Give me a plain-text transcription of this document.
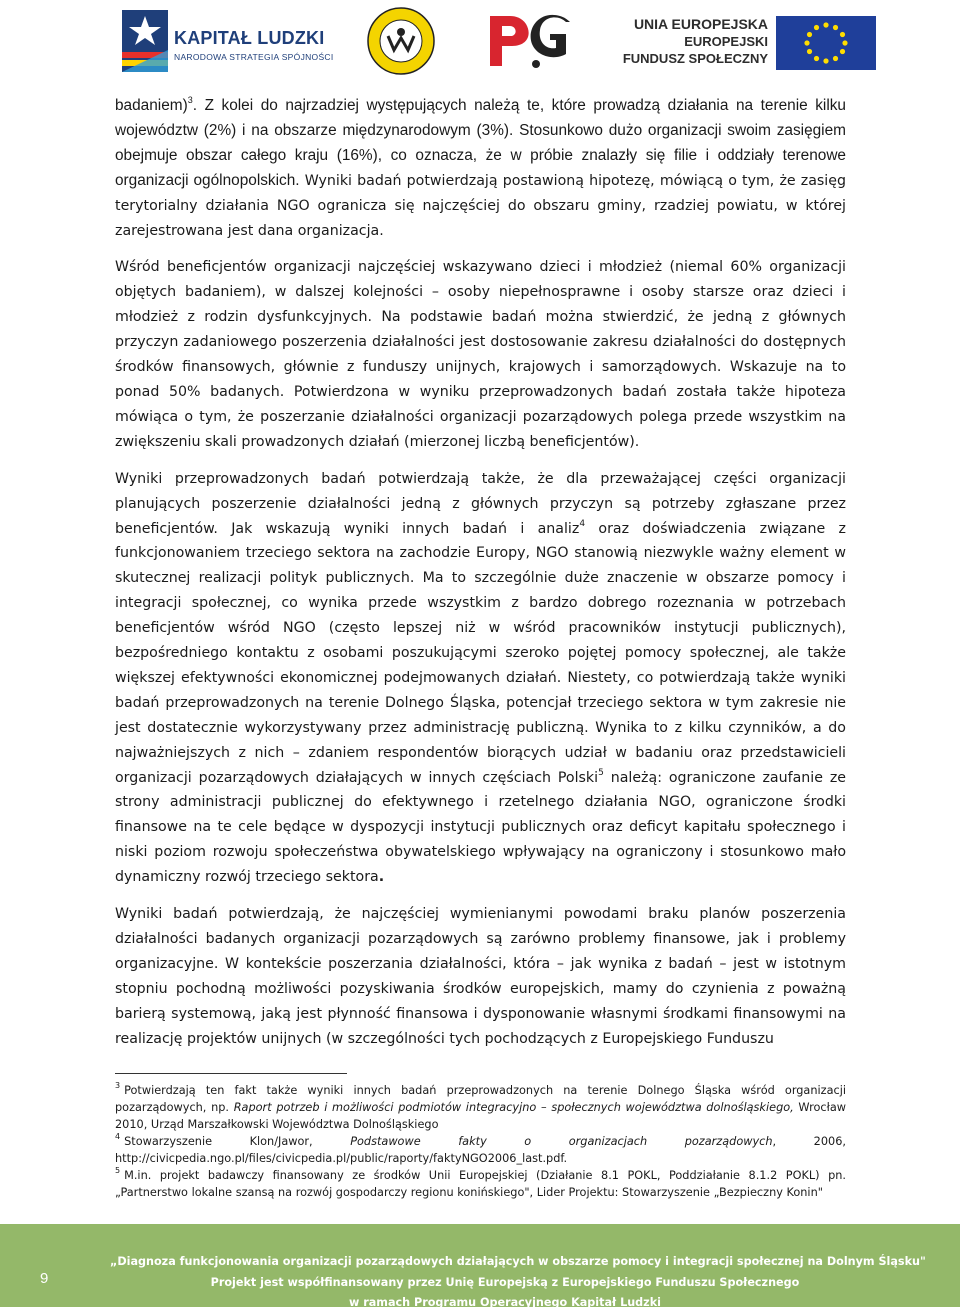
KAPITAŁ LUDZKI
NARODOWA STRATEGIA SPÓJNOŚCI
UNIA EUROPEJSKA
EUROPEJSKI
FUNDUSZ SPOŁECZNY

badaniem)$^3$. Z kolei do najrzadziej występujących należą te, które prowadzą działania na terenie kilku województw (2%) i na obszarze międzynarodowym (3%). Stosunkowo dużo organizacji swoim zasięgiem obejmuje obszar całego kraju (16%), co oznacza, że w próbie znalazły się filie i oddziały terenowe organizacji ogólnopolskich. Wyniki badań potwierdzają postawioną hipotezę, mówiącą o tym, że zasięg terytorialny działania NGO ogranicza się najczęściej do obszaru gminy, rzadziej powiatu, w której zarejestrowana jest dana organizacja.

Wśród beneficjentów organizacji najczęściej wskazywano dzieci i młodzież (niemal 60% organizacji objętych badaniem), w dalszej kolejności – osoby niepełnosprawne i osoby starsze oraz dzieci i młodzież z rodzin dysfunkcyjnych. Na podstawie badań można stwierdzić, że jedną z głównych przyczyn zadaniowego poszerzenia działalności jest dostosowanie zakresu działalności do dostępnych środków finansowych, głównie z funduszy unijnych, krajowych i samorządowych. Wskazuje na to ponad 50% badanych. Potwierdzona w wyniku przeprowadzonych badań została także hipoteza mówiąca o tym, że poszerzanie działalności organizacji pozarządowych polega przede wszystkim na zwiększeniu skali prowadzonych działań (mierzonej liczbą beneficjentów).

Wyniki przeprowadzonych badań potwierdzają także, że dla przeważającej części organizacji planujących poszerzenie działalności jedną z głównych przyczyn są potrzeby zgłaszane przez beneficjentów. Jak wskazują wyniki innych badań i analiz$^4$ oraz doświadczenia związane z funkcjonowaniem trzeciego sektora na zachodzie Europy, NGO stanowią niezwykle ważny element w skutecznej realizacji polityk publicznych. Ma to szczególnie duże znaczenie w obszarze pomocy i integracji społecznej, co wynika przede wszystkim z bardzo dobrego rozeznania w potrzebach beneficjentów wśród NGO (często lepszej niż w wśród pracowników instytucji publicznych), bezpośredniego kontaktu z osobami poszukującymi szeroko pojętej pomocy społecznej, ale także większej efektywności ekonomicznej podejmowanych działań. Niestety, co potwierdzają także wyniki badań przeprowadzonych na terenie Dolnego Śląska, potencjał trzeciego sektora w tym zakresie nie jest dostatecznie wykorzystywany przez administrację publiczną. Wynika to z kilku czynników, a do najważniejszych z nich – zdaniem respondentów biorących udział w badaniu oraz przedstawicieli organizacji pozarządowych działających w innych częściach Polski$^5$ należą: ograniczone zaufanie ze strony administracji publicznej do efektywnego i rzetelnego działania NGO, ograniczone środki finansowe na te cele będące w dyspozycji instytucji publicznych oraz deficyt kapitału społecznego i niski poziom rozwoju społeczeństwa obywatelskiego wpływający na ograniczony i stosunkowo mało dynamiczny rozwój trzeciego sektora.

Wyniki badań potwierdzają, że najczęściej wymienianymi powodami braku planów poszerzenia działalności badanych organizacji pozarządowych są zarówno problemy finansowe, jak i problemy organizacyjne. W kontekście poszerzania działalności, która – jak wynika z badań – jest w istotnym stopniu pochodną możliwości pozyskiwania środków europejskich, mamy do czynienia z poważną barierą systemową, jaką jest płynność finansowa i dysponowanie własnymi środkami finansowymi na realizację projektów unijnych (w szczególności tych pochodzących z Europejskiego Funduszu

$^3$ Potwierdzają ten fakt także wyniki innych badań przeprowadzonych na terenie Dolnego Śląska wśród organizacji pozarządowych, np. Raport potrzeb i możliwości podmiotów integracyjno – społecznych województwa dolnośląskiego, Wrocław 2010, Urząd Marszałkowski Województwa Dolnośląskiego

$^4$ Stowarzyszenie Klon/Jawor, Podstawowe fakty o organizacjach pozarządowych, 2006, http://civicpedia.ngo.pl/files/civicpedia.pl/public/raporty/faktyNGO2006_last.pdf.

$^5$ M.in. projekt badawczy finansowany ze środków Unii Europejskiej (Działanie 8.1 POKL, Poddziałanie 8.1.2 POKL) pn. „Partnerstwo lokalne szansą na rozwój gospodarczy regionu konińskiego", Lider Projektu: Stowarzyszenie „Bezpieczny Konin"

9
„Diagnoza funkcjonowania organizacji pozarządowych działających w obszarze pomocy i integracji społecznej na Dolnym Śląsku"
Projekt jest współfinansowany przez Unię Europejską z Europejskiego Funduszu Społecznego
w ramach Programu Operacyjnego Kapitał Ludzki
